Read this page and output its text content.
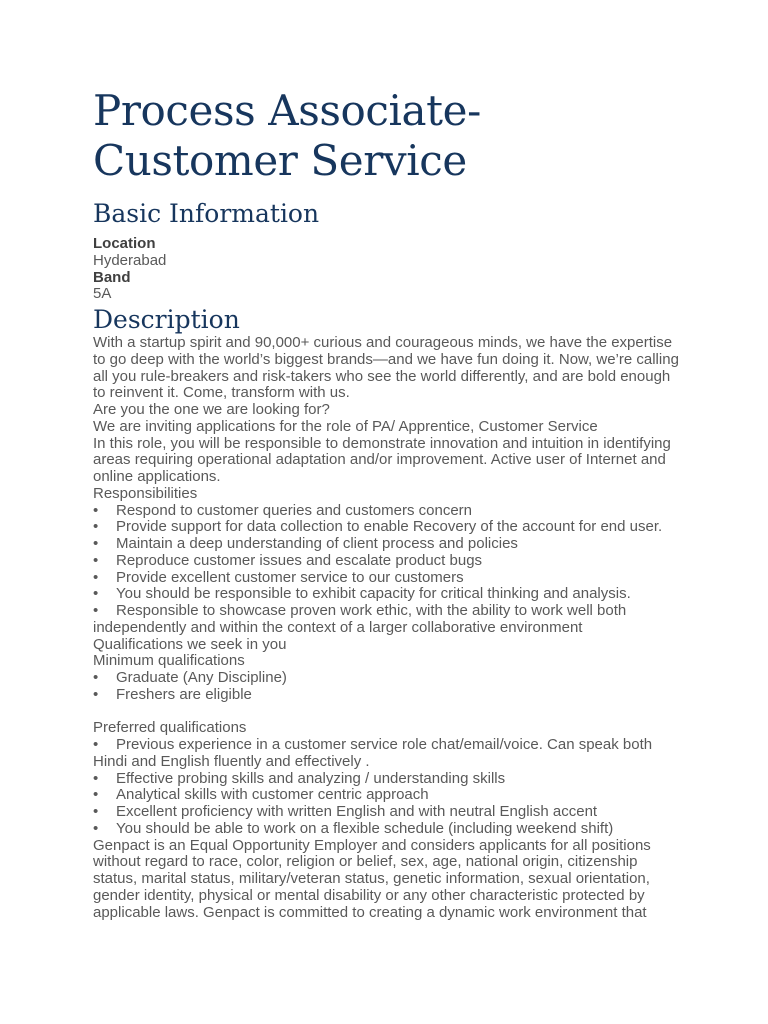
Process Associate- Customer Service
Basic Information
Location
Hyderabad
Band
5A
Description

With a startup spirit and 90,000+ curious and courageous minds, we have the expertise to go deep with the world’s biggest brands—and we have fun doing it. Now, we’re calling all you rule-breakers and risk-takers who see the world differently, and are bold enough to reinvent it. Come, transform with us.

Are you the one we are looking for?

We are inviting applications for the role of PA/ Apprentice, Customer Service

In this role, you will be responsible to demonstrate innovation and intuition in identifying areas requiring operational adaptation and/or improvement. Active user of Internet and online applications.

Responsibilities

• Respond to customer queries and customers concern
• Provide support for data collection to enable Recovery of the account for end user.
• Maintain a deep understanding of client process and policies
• Reproduce customer issues and escalate product bugs
• Provide excellent customer service to our customers
• You should be responsible to exhibit capacity for critical thinking and analysis.
• Responsible to showcase proven work ethic, with the ability to work well both independently and within the context of a larger collaborative environment

Qualifications we seek in you

Minimum qualifications

• Graduate (Any Discipline)
• Freshers are eligible

Preferred qualifications

• Previous experience in a customer service role chat/email/voice. Can speak both Hindi and English fluently and effectively .
• Effective probing skills and analyzing / understanding skills
• Analytical skills with customer centric approach
• Excellent proficiency with written English and with neutral English accent
• You should be able to work on a flexible schedule (including weekend shift)

Genpact is an Equal Opportunity Employer and considers applicants for all positions without regard to race, color, religion or belief, sex, age, national origin, citizenship status, marital status, military/veteran status, genetic information, sexual orientation, gender identity, physical or mental disability or any other characteristic protected by applicable laws. Genpact is committed to creating a dynamic work environment that
